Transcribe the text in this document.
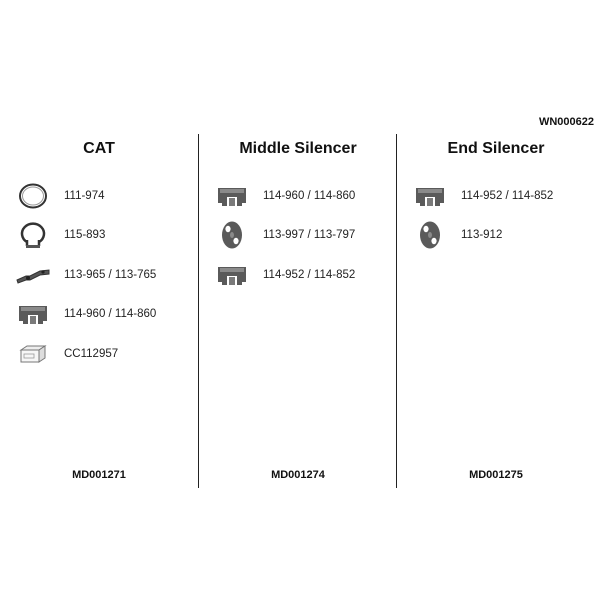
WN000622
CAT
111-974
115-893
113-965 / 113-765
114-960 / 114-860
CC112957
MD001271
Middle Silencer
114-960 / 114-860
113-997 / 113-797
114-952 / 114-852
MD001274
End Silencer
114-952 / 114-852
113-912
MD001275
